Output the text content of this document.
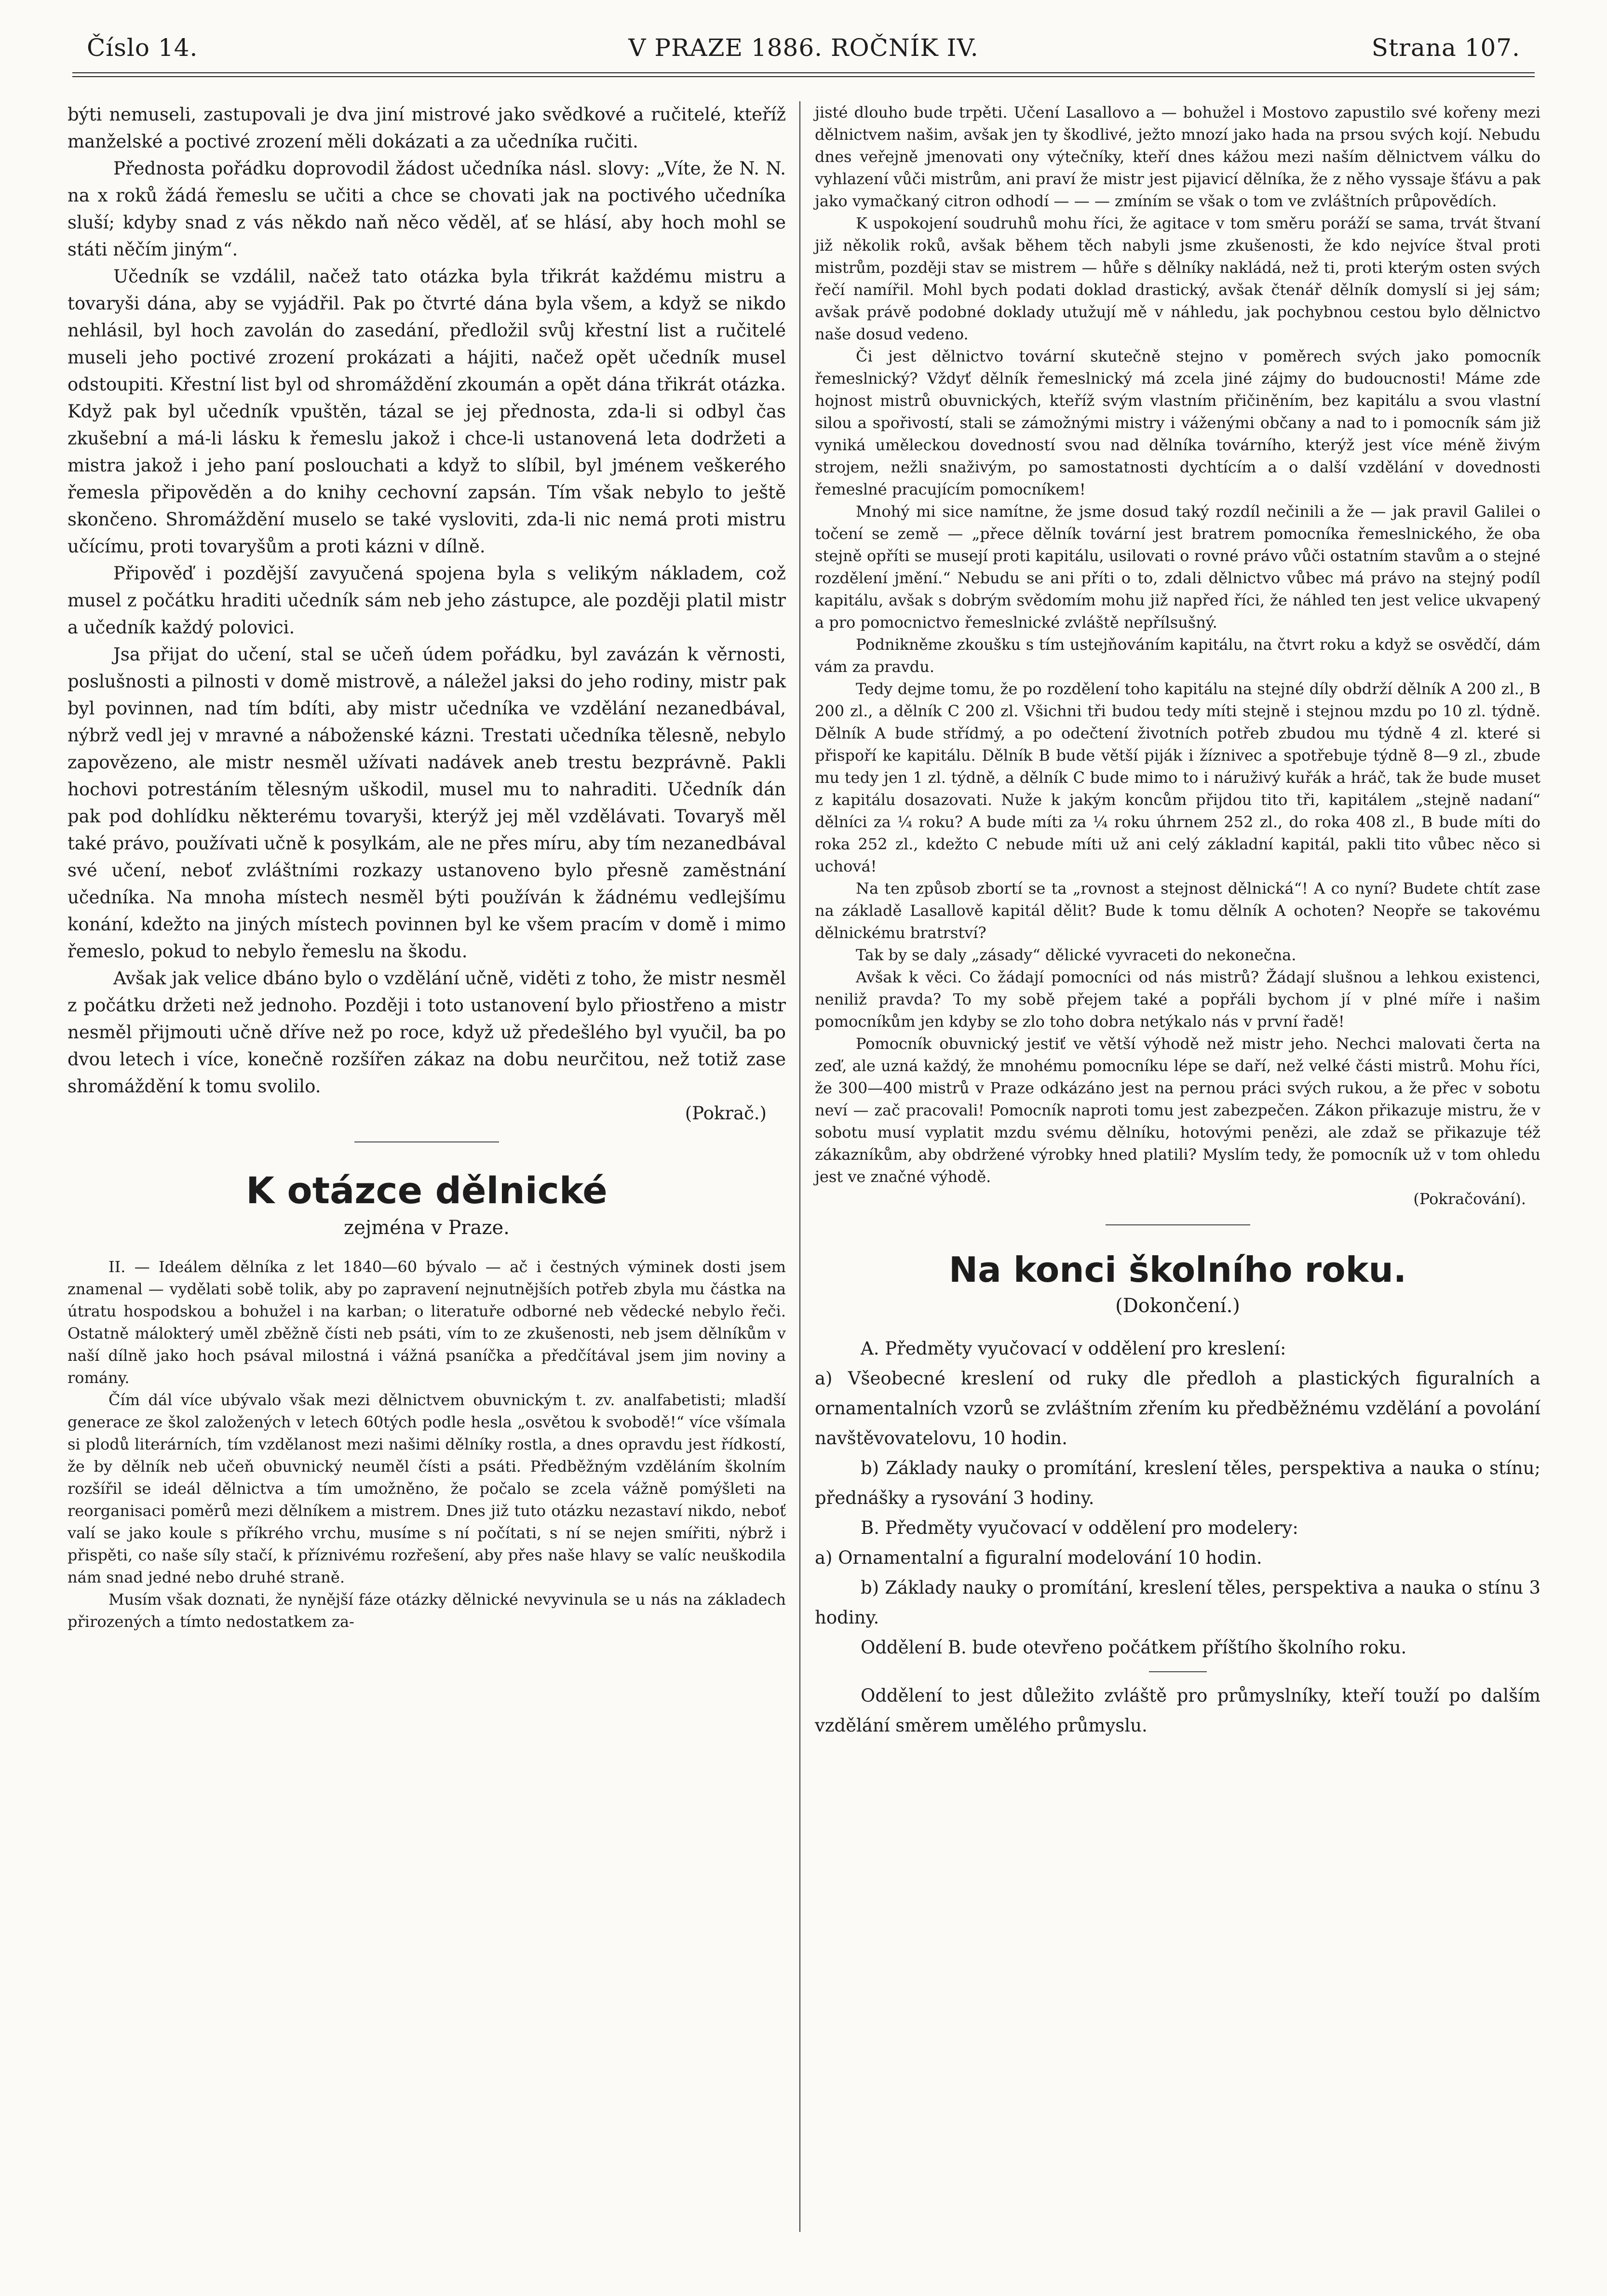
Číslo 14.	V PRAZE 1886. ROČNÍK IV.	Strana 107.

býti nemuseli, zastupovali je dva jiní mistrové jako svědkové a ručitelé, kteříž manželské a poctivé zrození měli dokázati a za učedníka ručiti.

Přednosta pořádku doprovodil žádost učedníka násl. slovy: „Víte, že N. N. na x roků žádá řemeslu se učiti a chce se chovati jak na poctivého učedníka sluší; kdyby snad z vás někdo naň něco věděl, ať se hlásí, aby hoch mohl se státi něčím jiným“.

Učedník se vzdálil, načež tato otázka byla třikrát každému mistru a tovaryši dána, aby se vyjádřil. Pak po čtvrté dána byla všem, a když se nikdo nehlásil, byl hoch zavolán do zasedání, předložil svůj křestní list a ručitelé museli jeho poctivé zrození prokázati a hájiti, načež opět učedník musel odstoupiti. Křestní list byl od shromáždění zkoumán a opět dána třikrát otázka. Když pak byl učedník vpuštěn, tázal se jej přednosta, zda-li si odbyl čas zkušební a má-li lásku k řemeslu jakož i chce-li ustanovená leta dodržeti a mistra jakož i jeho paní poslouchati a když to slíbil, byl jménem veškerého řemesla připověděn a do knihy cechovní zapsán. Tím však nebylo to ještě skončeno. Shromáždění muselo se také vysloviti, zda-li nic nemá proti mistru učícímu, proti tovaryšům a proti kázni v dílně.

Připověď i pozdější zavyučená spojena byla s velikým nákladem, což musel z počátku hraditi učedník sám neb jeho zástupce, ale později platil mistr a učedník každý polovici.

Jsa přijat do učení, stal se učeň údem pořádku, byl zavázán k věrnosti, poslušnosti a pilnosti v domě mistrově, a náležel jaksi do jeho rodiny, mistr pak byl povinnen, nad tím bdíti, aby mistr učedníka ve vzdělání nezanedbával, nýbrž vedl jej v mravné a náboženské kázni. Trestati učedníka tělesně, nebylo zapovězeno, ale mistr nesměl užívati nadávek aneb trestu bezprávně. Pakli hochovi potrestáním tělesným uškodil, musel mu to nahraditi. Učedník dán pak pod dohlídku některému tovaryši, kterýž jej měl vzdělávati. Tovaryš měl také právo, používati učně k posylkám, ale ne přes míru, aby tím nezanedbával své učení, neboť zvláštními rozkazy ustanoveno bylo přesně zaměstnání učedníka. Na mnoha místech nesměl býti používán k žádnému vedlejšímu konání, kdežto na jiných místech povinnen byl ke všem pracím v domě i mimo řemeslo, pokud to nebylo řemeslu na škodu.

Avšak jak velice dbáno bylo o vzdělání učně, viděti z toho, že mistr nesměl z počátku držeti než jednoho. Později i toto ustanovení bylo přiostřeno a mistr nesměl přijmouti učně dříve než po roce, když už předešlého byl vyučil, ba po dvou letech i více, konečně rozšířen zákaz na dobu neurčitou, než totiž zase shromáždění k tomu svolilo.

(Pokrač.)
K otázce dělnické
zejména v Praze.

II. — Ideálem dělníka z let 1840—60 bývalo — ač i čestných výminek dosti jsem znamenal — vydělati sobě tolik, aby po zapravení nejnutnějších potřeb zbyla mu částka na útratu hospodskou a bohužel i na karban; o literatuře odborné neb vědecké nebylo řeči. Ostatně málokterý uměl zběžně čísti neb psáti, vím to ze zkušenosti, neb jsem dělníkům v naší dílně jako hoch psával milostná i vážná psaníčka a předčítával jsem jim noviny a romány.

Čím dál více ubývalo však mezi dělnictvem obuvnickým t. zv. analfabetisti; mladší generace ze škol založených v letech 60tých podle hesla „osvětou k svobodě!“ více všímala si plodů literárních, tím vzdělanost mezi našimi dělníky rostla, a dnes opravdu jest řídkostí, že by dělník neb učeň obuvnický neuměl čísti a psáti. Předběžným vzděláním školním rozšířil se ideál dělnictva a tím umožněno, že počalo se zcela vážně pomýšleti na reorganisaci poměrů mezi dělníkem a mistrem. Dnes již tuto otázku nezastaví nikdo, neboť valí se jako koule s příkrého vrchu, musíme s ní počítati, s ní se nejen smířiti, nýbrž i přispěti, co naše síly stačí, k příznivému rozřešení, aby přes naše hlavy se valíc neuškodila nám snad jedné nebo druhé straně.

Musím však doznati, že nynější fáze otázky dělnické nevyvinula se u nás na základech přirozených a tímto nedostatkem za-

jisté dlouho bude trpěti. Učení Lasallovo a — bohužel i Mostovo zapustilo své kořeny mezi dělnictvem našim, avšak jen ty škodlivé, ježto mnozí jako hada na prsou svých kojí. Nebudu dnes veřejně jmenovati ony výtečníky, kteří dnes kážou mezi naším dělnictvem válku do vyhlazení vůči mistrům, ani praví že mistr jest pijavicí dělníka, že z něho vyssaje šťávu a pak jako vymačkaný citron odhodí — — — zmíním se však o tom ve zvláštních průpovědích.

K uspokojení soudruhů mohu říci, že agitace v tom směru poráží se sama, trvát štvaní již několik roků, avšak během těch nabyli jsme zkušenosti, že kdo nejvíce štval proti mistrům, později stav se mistrem — hůře s dělníky nakládá, než ti, proti kterým osten svých řečí namířil. Mohl bych podati doklad drastický, avšak čtenář dělník domyslí si jej sám; avšak právě podobné doklady utužují mě v náhledu, jak pochybnou cestou bylo dělnictvo naše dosud vedeno.

Či jest dělnictvo tovární skutečně stejno v poměrech svých jako pomocník řemeslnický? Vždyť dělník řemeslnický má zcela jiné zájmy do budoucnosti! Máme zde hojnost mistrů obuvnických, kteříž svým vlastním přičiněním, bez kapitálu a svou vlastní silou a spořivostí, stali se zámožnými mistry i váženými občany a nad to i pomocník sám již vyniká uměleckou dovedností svou nad dělníka továrního, kterýž jest více méně živým strojem, nežli snaživým, po samostatnosti dychtícím a o další vzdělání v dovednosti řemeslné pracujícím pomocníkem!

Mnohý mi sice namítne, že jsme dosud taký rozdíl nečinili a že — jak pravil Galilei o točení se země — „přece dělník tovární jest bratrem pomocníka řemeslnického, že oba stejně opříti se musejí proti kapitálu, usilovati o rovné právo vůči ostatním stavům a o stejné rozdělení jmění.“ Nebudu se ani příti o to, zdali dělnictvo vůbec má právo na stejný podíl kapitálu, avšak s dobrým svědomím mohu již napřed říci, že náhled ten jest velice ukvapený a pro pomocnictvo řemeslnické zvláště nepřílsušný.

Podnikněme zkoušku s tím ustejňováním kapitálu, na čtvrt roku a když se osvědčí, dám vám za pravdu.

Tedy dejme tomu, že po rozdělení toho kapitálu na stejné díly obdrží dělník A 200 zl., B 200 zl., a dělník C 200 zl. Všichni tři budou tedy míti stejně i stejnou mzdu po 10 zl. týdně. Dělník A bude střídmý, a po odečtení životních potřeb zbudou mu týdně 4 zl. které si přispoří ke kapitálu. Dělník B bude větší piják i žíznivec a spotřebuje týdně 8—9 zl., zbude mu tedy jen 1 zl. týdně, a dělník C bude mimo to i náruživý kuřák a hráč, tak že bude muset z kapitálu dosazovati. Nuže k jakým koncům přijdou tito tři, kapitálem „stejně nadaní“ dělníci za ¼ roku? A bude míti za ¼ roku úhrnem 252 zl., do roka 408 zl., B bude míti do roka 252 zl., kdežto C nebude míti už ani celý základní kapitál, pakli tito vůbec něco si uchová!

Na ten způsob zbortí se ta „rovnost a stejnost dělnická“! A co nyní? Budete chtít zase na základě Lasallově kapitál dělit? Bude k tomu dělník A ochoten? Neopře se takovému dělnickému bratrství?

Tak by se daly „zásady“ dělické vyvraceti do nekonečna.

Avšak k věci. Co žádají pomocníci od nás mistrů? Žádají slušnou a lehkou existenci, neniliž pravda? To my sobě přejem také a popřáli bychom jí v plné míře i našim pomocníkům jen kdyby se zlo toho dobra netýkalo nás v první řadě!

Pomocník obuvnický jestiť ve větší výhodě než mistr jeho. Nechci malovati čerta na zeď, ale uzná každý, že mnohému pomocníku lépe se daří, než velké části mistrů. Mohu říci, že 300—400 mistrů v Praze odkázáno jest na pernou práci svých rukou, a že přec v sobotu neví — zač pracovali! Pomocník naproti tomu jest zabezpečen. Zákon přikazuje mistru, že v sobotu musí vyplatit mzdu svému dělníku, hotovými penězi, ale zdaž se přikazuje též zákazníkům, aby obdržené výrobky hned platili? Myslím tedy, že pomocník už v tom ohledu jest ve značné výhodě.

(Pokračování).
Na konci školního roku.
(Dokončení.)

A. Předměty vyučovací v oddělení pro kreslení:

a) Všeobecné kreslení od ruky dle předloh a plastických figuralních a ornamentalních vzorů se zvláštním zřením ku předběžnému vzdělání a povolání navštěvovatelovu, 10 hodin.

b) Základy nauky o promítání, kreslení těles, perspektiva a nauka o stínu; přednášky a rysování 3 hodiny.

B. Předměty vyučovací v oddělení pro modelery:

a) Ornamentalní a figuralní modelování 10 hodin.

b) Základy nauky o promítání, kreslení těles, perspektiva a nauka o stínu 3 hodiny.

Oddělení B. bude otevřeno počátkem příštího školního roku.

Oddělení to jest důležito zvláště pro průmyslníky, kteří touží po dalším vzdělání směrem umělého průmyslu.
